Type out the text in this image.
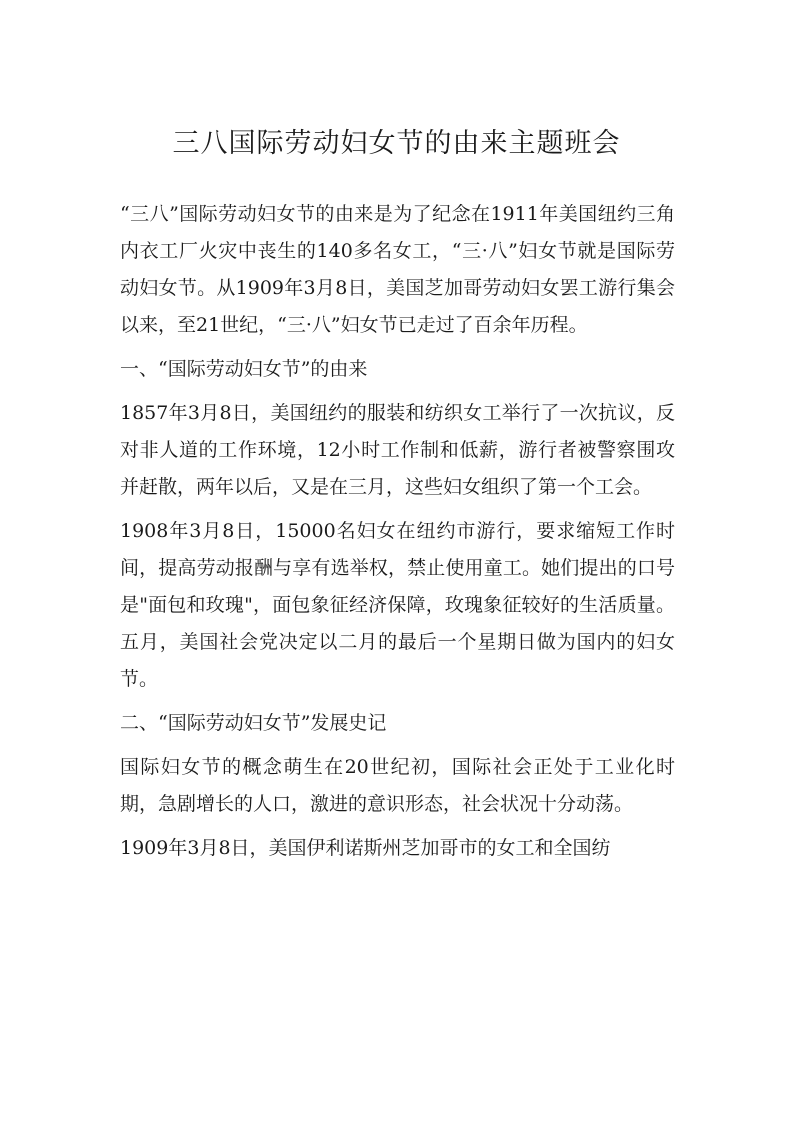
三八国际劳动妇女节的由来主题班会

“三八”国际劳动妇女节的由来是为了纪念在1911年美国纽约三角内衣工厂火灾中丧生的140多名女工，“三·八”妇女节就是国际劳动妇女节。从1909年3月8日，美国芝加哥劳动妇女罢工游行集会以来，至21世纪，“三·八”妇女节已走过了百余年历程。

一、“国际劳动妇女节”的由来

1857年3月8日，美国纽约的服装和纺织女工举行了一次抗议，反对非人道的工作环境，12小时工作制和低薪，游行者被警察围攻并赶散，两年以后，又是在三月，这些妇女组织了第一个工会。

1908年3月8日，15000名妇女在纽约市游行，要求缩短工作时间，提高劳动报酬与享有选举权，禁止使用童工。她们提出的口号是"面包和玫瑰"，面包象征经济保障，玫瑰象征较好的生活质量。五月，美国社会党决定以二月的最后一个星期日做为国内的妇女节。

二、“国际劳动妇女节”发展史记

国际妇女节的概念萌生在20世纪初，国际社会正处于工业化时期，急剧增长的人口，激进的意识形态，社会状况十分动荡。

1909年3月8日，美国伊利诺斯州芝加哥市的女工和全国纺
